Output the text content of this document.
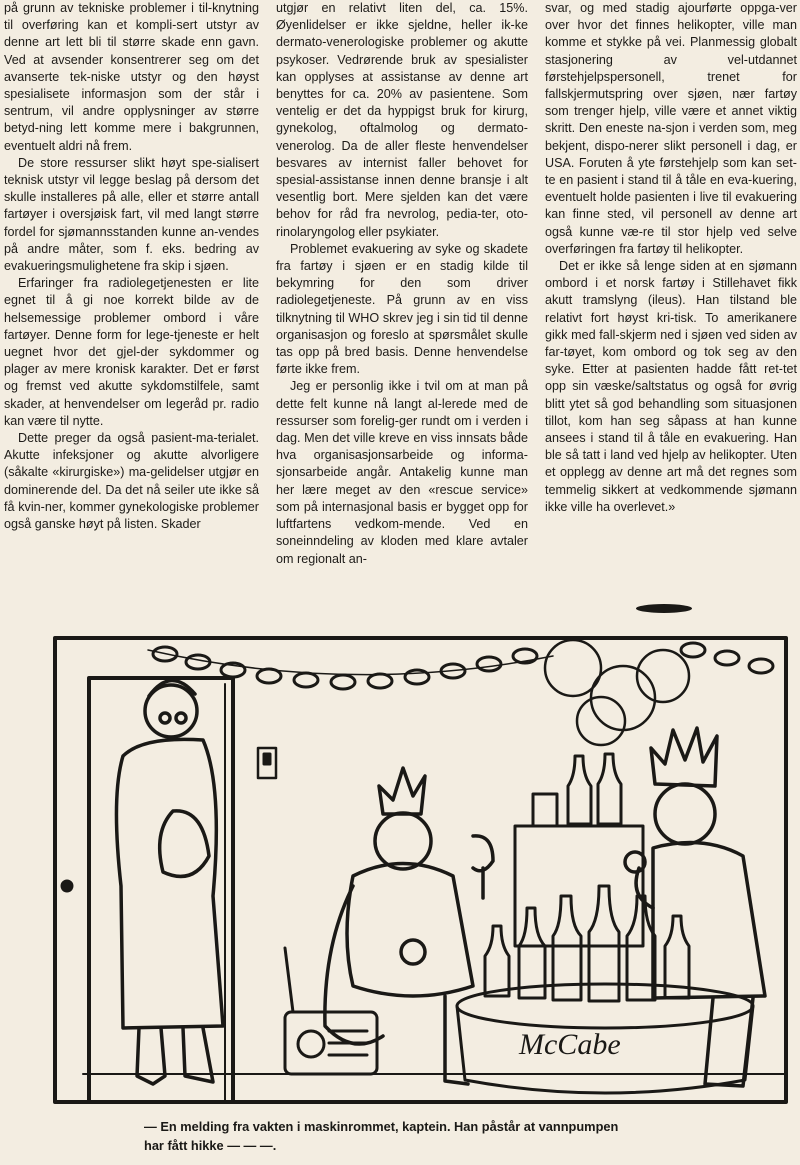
på grunn av tekniske problemer i til-knytning til overføring kan et kompli-sert utstyr av denne art lett bli til større skade enn gavn. Ved at avsender konsentrerer seg om det avanserte tek-niske utstyr og den høyst spesialisete informasjon som der står i sentrum, vil andre opplysninger av større betyd-ning lett komme mere i bakgrunnen, eventuelt aldri nå frem.

De store ressurser slikt høyt spe-sialisert teknisk utstyr vil legge beslag på dersom det skulle installeres på alle, eller et større antall fartøyer i oversjøisk fart, vil med langt større fordel for sjømannsstanden kunne an-vendes på andre måter, som f. eks. bedring av evakueringsmulighetene fra skip i sjøen.

Erfaringer fra radiolegetjenesten er lite egnet til å gi noe korrekt bilde av de helsemessige problemer ombord i våre fartøyer. Denne form for lege-tjeneste er helt uegnet hvor det gjel-der sykdommer og plager av mere kronisk karakter. Det er først og fremst ved akutte sykdomstilfele, samt skader, at henvendelser om legeråd pr. radio kan være til nytte.

Dette preger da også pasient-ma-terialet. Akutte infeksjoner og akutte alvorligere (såkalte «kirurgiske») ma-gelidelser utgjør en dominerende del. Da det nå seiler ute ikke så få kvin-ner, kommer gynekologiske problemer også ganske høyt på listen. Skader

utgjør en relativt liten del, ca. 15%. Øyenlidelser er ikke sjeldne, heller ik-ke dermato-venerologiske problemer og akutte psykoser. Vedrørende bruk av spesialister kan opplyses at assistanse av denne art benyttes for ca. 20% av pasientene. Som ventelig er det da hyppigst bruk for kirurg, gynekolog, oftalmolog og dermato-venerolog. Da de aller fleste henvendelser besvares av internist faller behovet for spesial-assistanse innen denne bransje i alt vesentlig bort. Mere sjelden kan det være behov for råd fra nevrolog, pedia-ter, oto-rinolaryngolog eller psykiater.

Problemet evakuering av syke og skadete fra fartøy i sjøen er en stadig kilde til bekymring for den som driver radiolegetjeneste. På grunn av en viss tilknytning til WHO skrev jeg i sin tid til denne organisasjon og foreslo at spørsmålet skulle tas opp på bred basis. Denne henvendelse førte ikke frem.

Jeg er personlig ikke i tvil om at man på dette felt kunne nå langt al-lerede med de ressurser som forelig-ger rundt om i verden i dag. Men det ville kreve en viss innsats både hva organisasjonsarbeide og informa-sjonsarbeide angår. Antakelig kunne man her lære meget av den «rescue service» som på internasjonal basis er bygget opp for luftfartens vedkom-mende. Ved en soneinndeling av kloden med klare avtaler om regionalt an-

svar, og med stadig ajourførte oppga-ver over hvor det finnes helikopter, ville man komme et stykke på vei. Planmessig globalt stasjonering av vel-utdannet førstehjelpspersonell, trenet for fallskjermutspring over sjøen, nær fartøy som trenger hjelp, ville være et annet viktig skritt. Den eneste na-sjon i verden som, meg bekjent, dispo-nerer slikt personell i dag, er USA. Foruten å yte førstehjelp som kan set-te en pasient i stand til å tåle en eva-kuering, eventuelt holde pasienten i live til evakuering kan finne sted, vil personell av denne art også kunne væ-re til stor hjelp ved selve overføringen fra fartøy til helikopter.

Det er ikke så lenge siden at en sjømann ombord i et norsk fartøy i Stillehavet fikk akutt tramslyng (ileus). Han tilstand ble relativt fort høyst kri-tisk. To amerikanere gikk med fall-skjerm ned i sjøen ved siden av far-tøyet, kom ombord og tok seg av den syke. Etter at pasienten hadde fått ret-tet opp sin væske/saltstatus og også for øvrig blitt ytet så god behandling som situasjonen tillot, kom han seg såpass at han kunne ansees i stand til å tåle en evakuering. Han ble så tatt i land ved hjelp av helikopter. Uten et opplegg av denne art må det regnes som temmelig sikkert at vedkommende sjømann ikke ville ha overlevet.»

McCabe
— En melding fra vakten i maskinrommet, kaptein. Han påstår at vannpumpen
har fått hikke — — —.
